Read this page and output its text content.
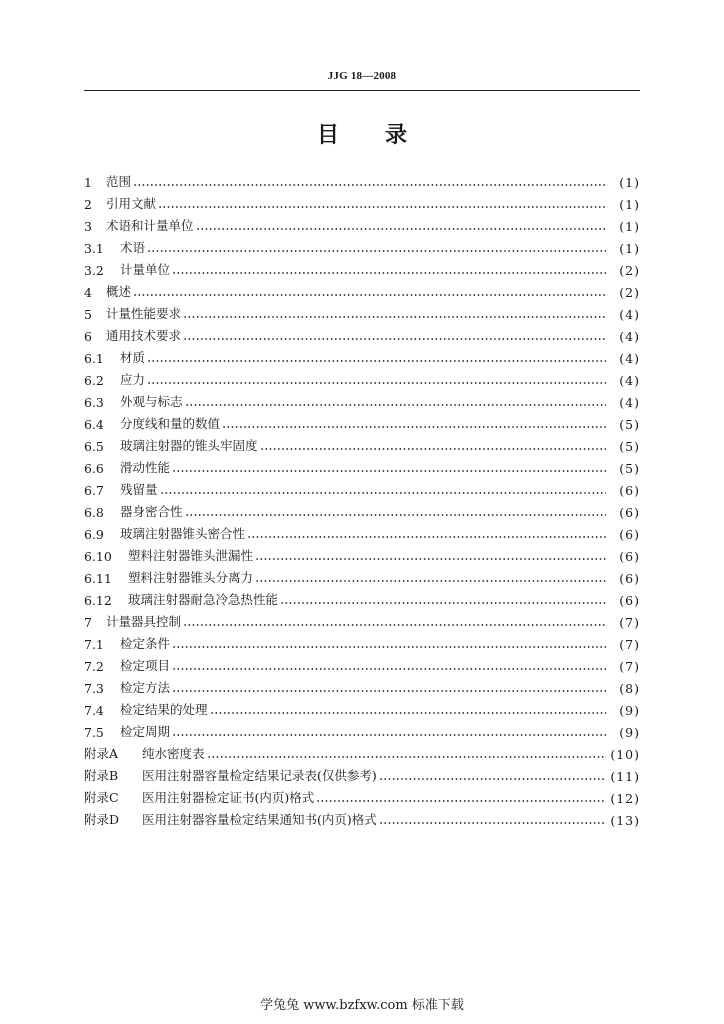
JJG 18—2008
目录
1	范围	(1)
2	引用文献	(1)
3	术语和计量单位	(1)
3.1	术语	(1)
3.2	计量单位	(2)
4	概述	(2)
5	计量性能要求	(4)
6	通用技术要求	(4)
6.1	材质	(4)
6.2	应力	(4)
6.3	外观与标志	(4)
6.4	分度线和量的数值	(5)
6.5	玻璃注射器的锥头牢固度	(5)
6.6	滑动性能	(5)
6.7	残留量	(6)
6.8	器身密合性	(6)
6.9	玻璃注射器锥头密合性	(6)
6.10	塑料注射器锥头泄漏性	(6)
6.11	塑料注射器锥头分离力	(6)
6.12	玻璃注射器耐急冷急热性能	(6)
7	计量器具控制	(7)
7.1	检定条件	(7)
7.2	检定项目	(7)
7.3	检定方法	(8)
7.4	检定结果的处理	(9)
7.5	检定周期	(9)
附录A	纯水密度表	(10)
附录B	医用注射器容量检定结果记录表(仅供参考)	(11)
附录C	医用注射器检定证书(内页)格式	(12)
附录D	医用注射器容量检定结果通知书(内页)格式	(13)
学兔兔 www.bzfxw.com 标准下载
